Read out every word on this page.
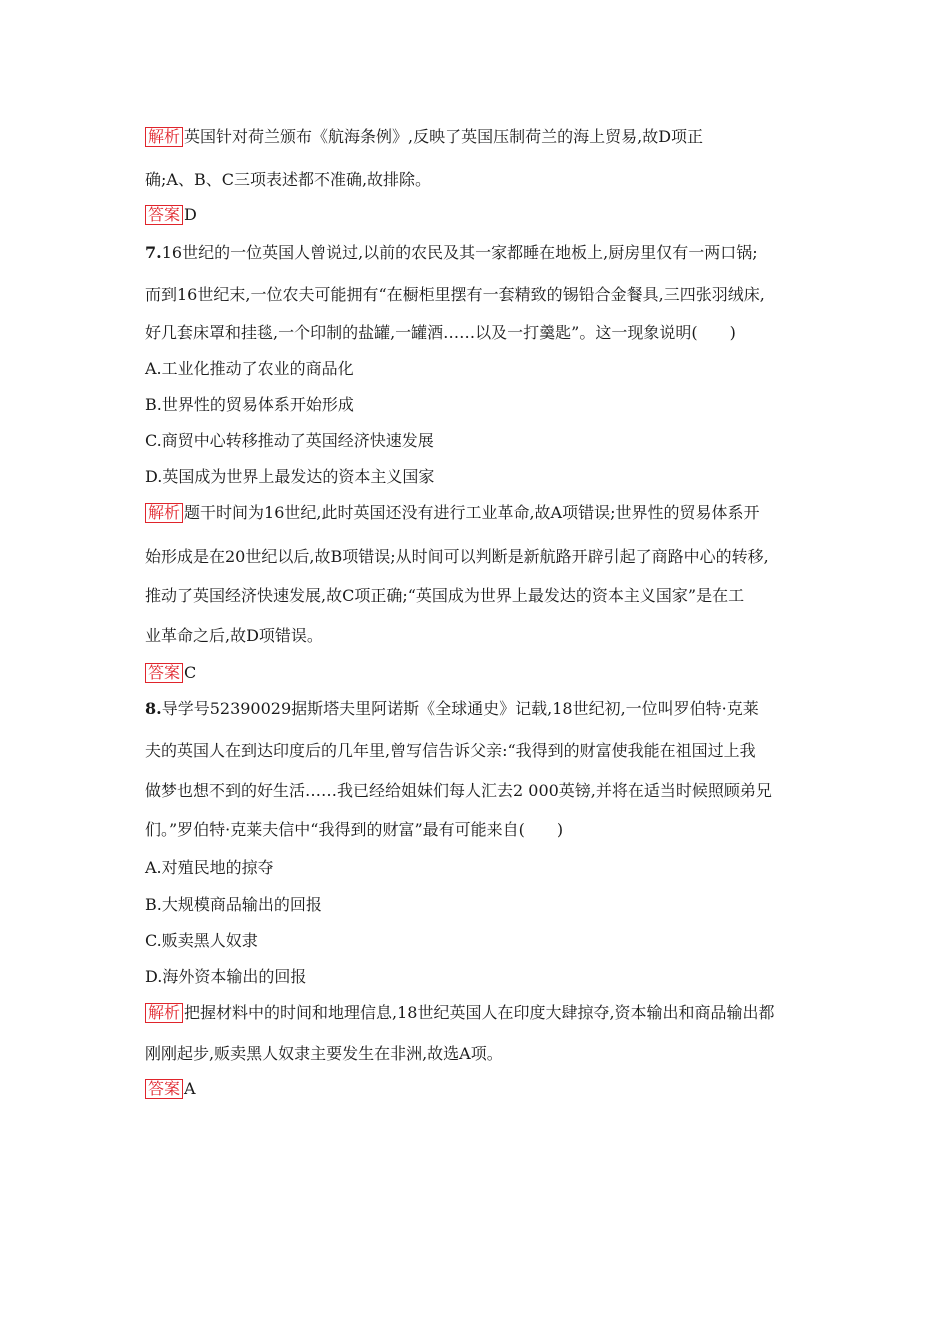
解析 英国针对荷兰颁布《航海条例》,反映了英国压制荷兰的海上贸易,故D项正
确;A、B、C三项表述都不准确,故排除。
答案 D
7.16世纪的一位英国人曾说过,以前的农民及其一家都睡在地板上,厨房里仅有一两口锅;
而到16世纪末,一位农夫可能拥有“在橱柜里摆有一套精致的锡铅合金餐具,三四张羽绒床,
好几套床罩和挂毯,一个印制的盐罐,一罐酒……以及一打羹匙”。这一现象说明(　　)
A.工业化推动了农业的商品化
B.世界性的贸易体系开始形成
C.商贸中心转移推动了英国经济快速发展
D.英国成为世界上最发达的资本主义国家
解析 题干时间为16世纪,此时英国还没有进行工业革命,故A项错误;世界性的贸易体系开
始形成是在20世纪以后,故B项错误;从时间可以判断是新航路开辟引起了商路中心的转移,
推动了英国经济快速发展,故C项正确;“英国成为世界上最发达的资本主义国家”是在工
业革命之后,故D项错误。
答案 C
8.导学号52390029据斯塔夫里阿诺斯《全球通史》记载,18世纪初,一位叫罗伯特·克莱
夫的英国人在到达印度后的几年里,曾写信告诉父亲:“我得到的财富使我能在祖国过上我
做梦也想不到的好生活……我已经给姐妹们每人汇去2 000英镑,并将在适当时候照顾弟兄
们。”罗伯特·克莱夫信中“我得到的财富”最有可能来自(　　)
A.对殖民地的掠夺
B.大规模商品输出的回报
C.贩卖黑人奴隶
D.海外资本输出的回报
解析 把握材料中的时间和地理信息,18世纪英国人在印度大肆掠夺,资本输出和商品输出都
刚刚起步,贩卖黑人奴隶主要发生在非洲,故选A项。
答案 A
